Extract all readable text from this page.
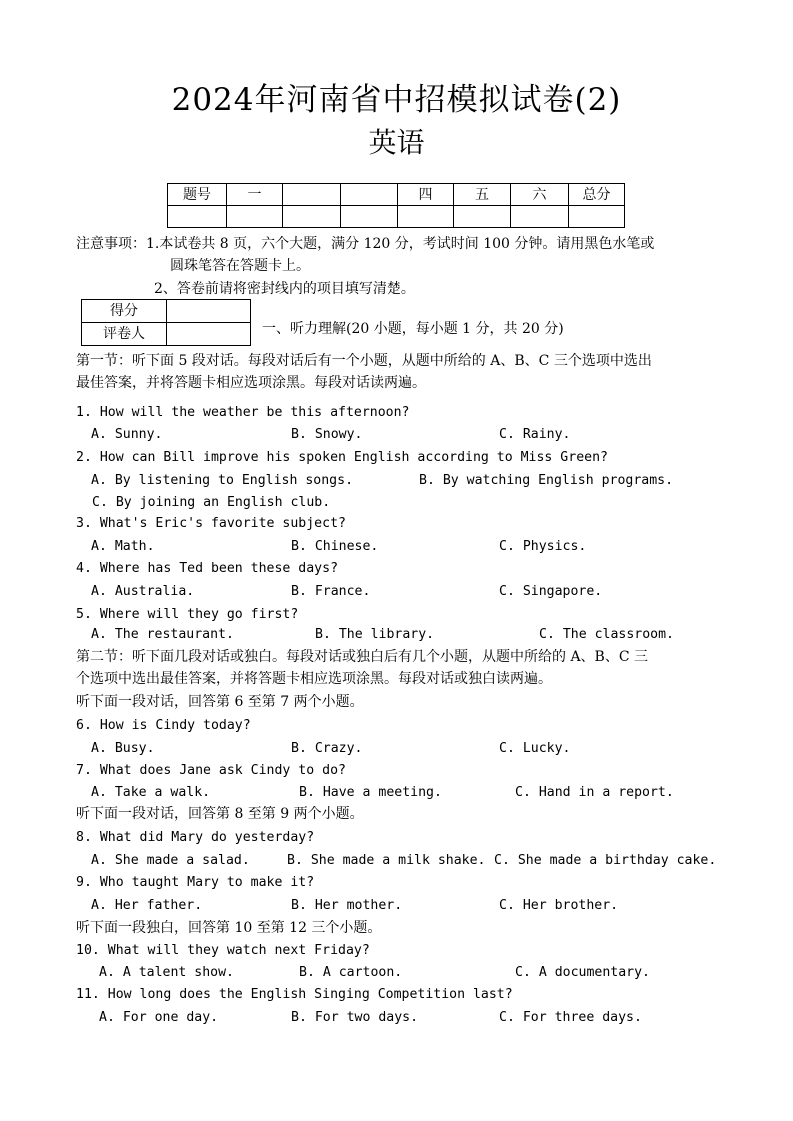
2024年河南省中招模拟试卷(2)
英语
题号	一			四	五	六	总分

注意事项：1.本试卷共 8 页，六个大题，满分 120 分，考试时间 100 分钟。请用黑色水笔或
圆珠笔答在答题卡上。
2、答卷前请将密封线内的项目填写清楚。
得分	
评卷人		一、听力理解(20 小题，每小题 1 分，共 20 分)
第一节：听下面 5 段对话。每段对话后有一个小题，从题中所给的 A、B、C 三个选项中选出
最佳答案，并将答题卡相应选项涂黑。每段对话读两遍。
1. How will the weather be this afternoon?
A. Sunny.	B. Snowy.	C. Rainy.
2. How can Bill improve his spoken English according to Miss Green?
A. By listening to English songs.	B. By watching English programs.
C. By joining an English club.
3. What's Eric's favorite subject?
A. Math.	B. Chinese.	C. Physics.
4. Where has Ted been these days?
A. Australia.	B. France.	C. Singapore.
5. Where will they go first?
A. The restaurant.	B. The library.	C. The classroom.
第二节：听下面几段对话或独白。每段对话或独白后有几个小题，从题中所给的 A、B、C 三
个选项中选出最佳答案，并将答题卡相应选项涂黑。每段对话或独白读两遍。
听下面一段对话，回答第 6 至第 7 两个小题。
6. How is Cindy today?
A. Busy.	B. Crazy.	C. Lucky.
7. What does Jane ask Cindy to do?
A. Take a walk.	B. Have a meeting.	C. Hand in a report.
听下面一段对话，回答第 8 至第 9 两个小题。
8. What did Mary do yesterday?
A. She made a salad.	B. She made a milk shake. C. She made a birthday cake.
9. Who taught Mary to make it?
A. Her father.	B. Her mother.	C. Her brother.
听下面一段独白，回答第 10 至第 12 三个小题。
10. What will they watch next Friday?
A. A talent show.	B. A cartoon.	C. A documentary.
11. How long does the English Singing Competition last?
A. For one day.	B. For two days.	C. For three days.
